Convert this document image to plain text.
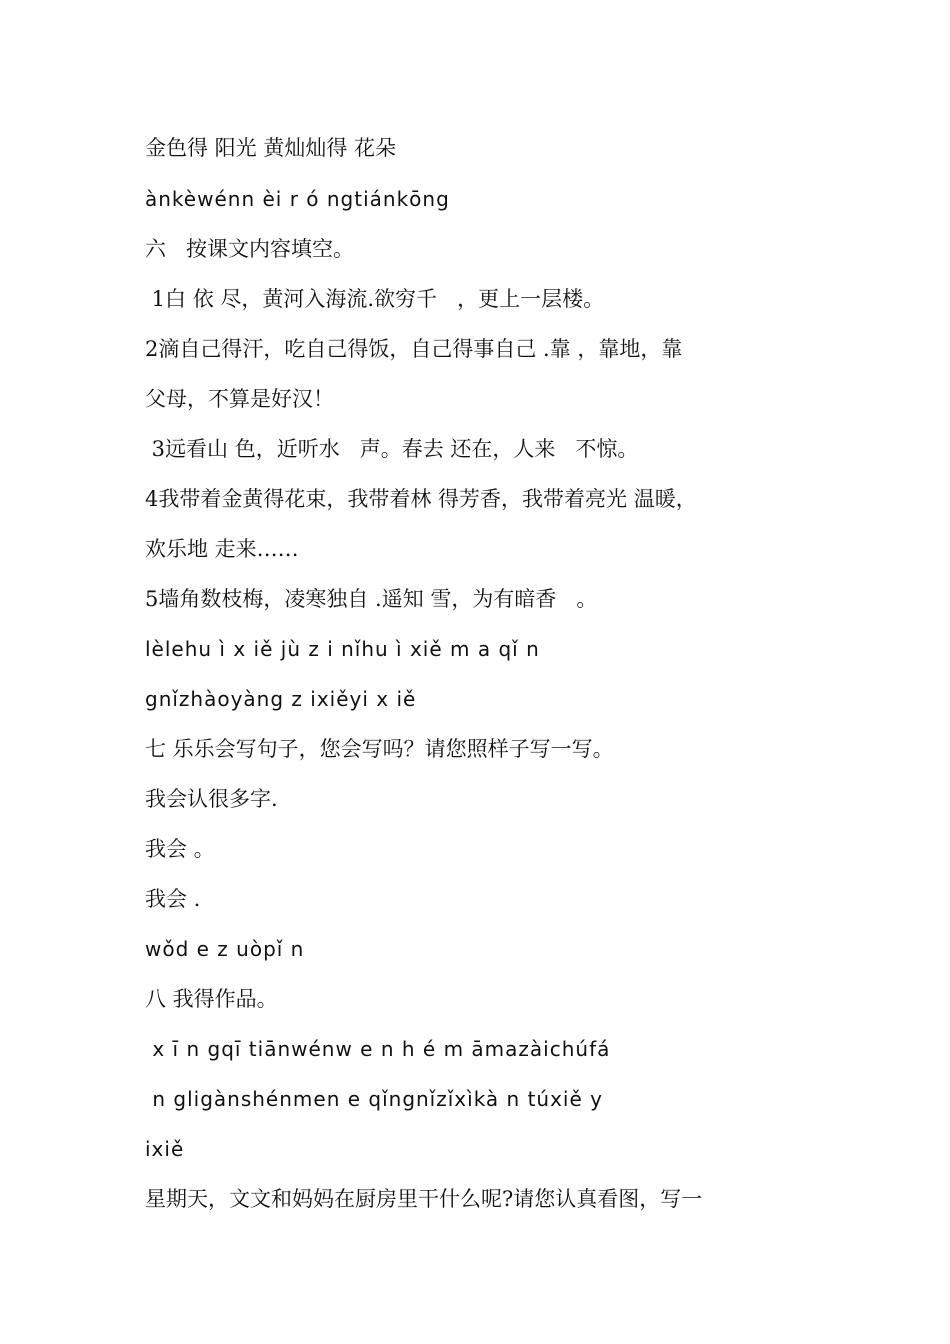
金色得 阳光 黄灿灿得 花朵
ànkèwénn èi r ó ngtiánkōng
六   按课文内容填空。
1白 依 尽，黄河入海流.欲穷千   ，更上一层楼。
2滴自己得汗，吃自己得饭，自己得事自己 .靠 ，靠地，靠
父母，不算是好汉！
3远看山 色，近听水   声。春去 还在，人来   不惊。
4我带着金黄得花束，我带着林 得芳香，我带着亮光 温暖，
欢乐地 走来……
5墙角数枝梅，凌寒独自 .遥知 雪，为有暗香   。
lèlehu ì x iě jù z i nǐhu ì xiě m a qǐ n
gnǐzhàoyàng z ixiěyi x iě
七 乐乐会写句子，您会写吗？请您照样子写一写。
我会认很多字.
我会 。
我会 .
wǒd e z uòpǐ n
八 我得作品。
x ī n gqī tiānwénw e n h é m āmazàichúfá
n gligànshénmen e qǐngnǐzǐxìkà n túxiě y
ixiě
星期天，文文和妈妈在厨房里干什么呢?请您认真看图，写一
